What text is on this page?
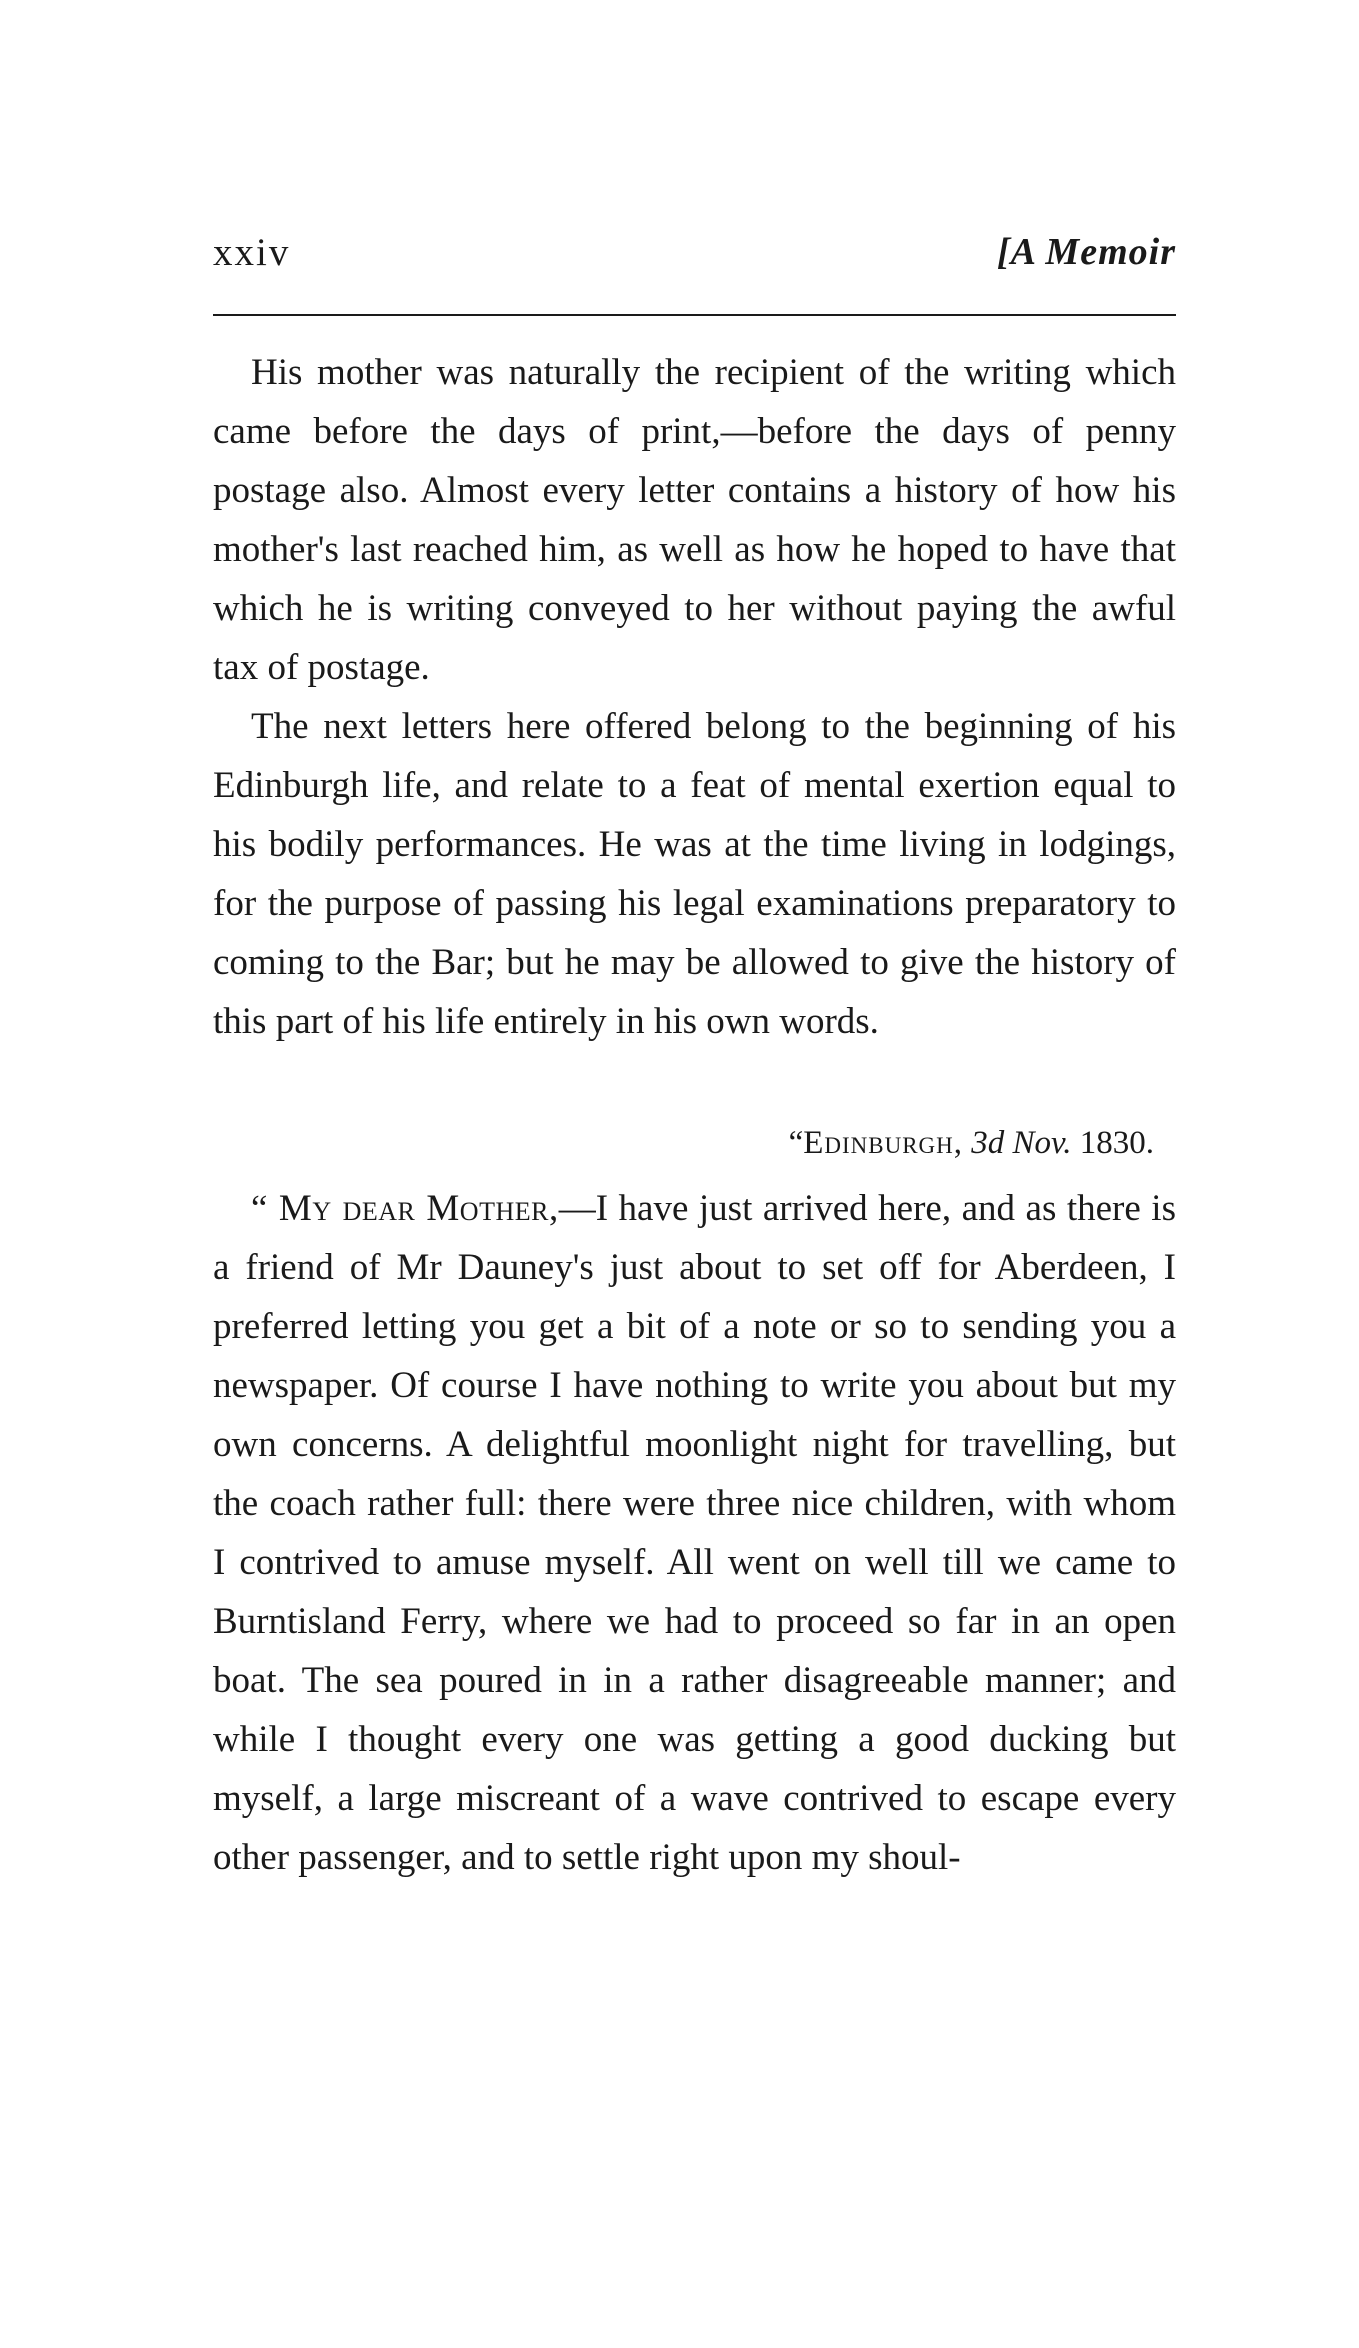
xxiv	[A Memoir

His mother was naturally the recipient of the writing which came before the days of print,—before the days of penny postage also. Almost every letter contains a history of how his mother's last reached him, as well as how he hoped to have that which he is writing conveyed to her without paying the awful tax of postage.

The next letters here offered belong to the beginning of his Edinburgh life, and relate to a feat of mental exertion equal to his bodily performances. He was at the time living in lodgings, for the purpose of passing his legal examinations preparatory to coming to the Bar; but he may be allowed to give the history of this part of his life entirely in his own words.

“Edinburgh, 3d Nov. 1830.

“ My dear Mother,—I have just arrived here, and as there is a friend of Mr Dauney's just about to set off for Aberdeen, I preferred letting you get a bit of a note or so to sending you a newspaper. Of course I have nothing to write you about but my own concerns. A delightful moonlight night for travelling, but the coach rather full: there were three nice children, with whom I contrived to amuse myself. All went on well till we came to Burntisland Ferry, where we had to proceed so far in an open boat. The sea poured in in a rather disagreeable manner; and while I thought every one was getting a good ducking but myself, a large miscreant of a wave contrived to escape every other passenger, and to settle right upon my shoul-
